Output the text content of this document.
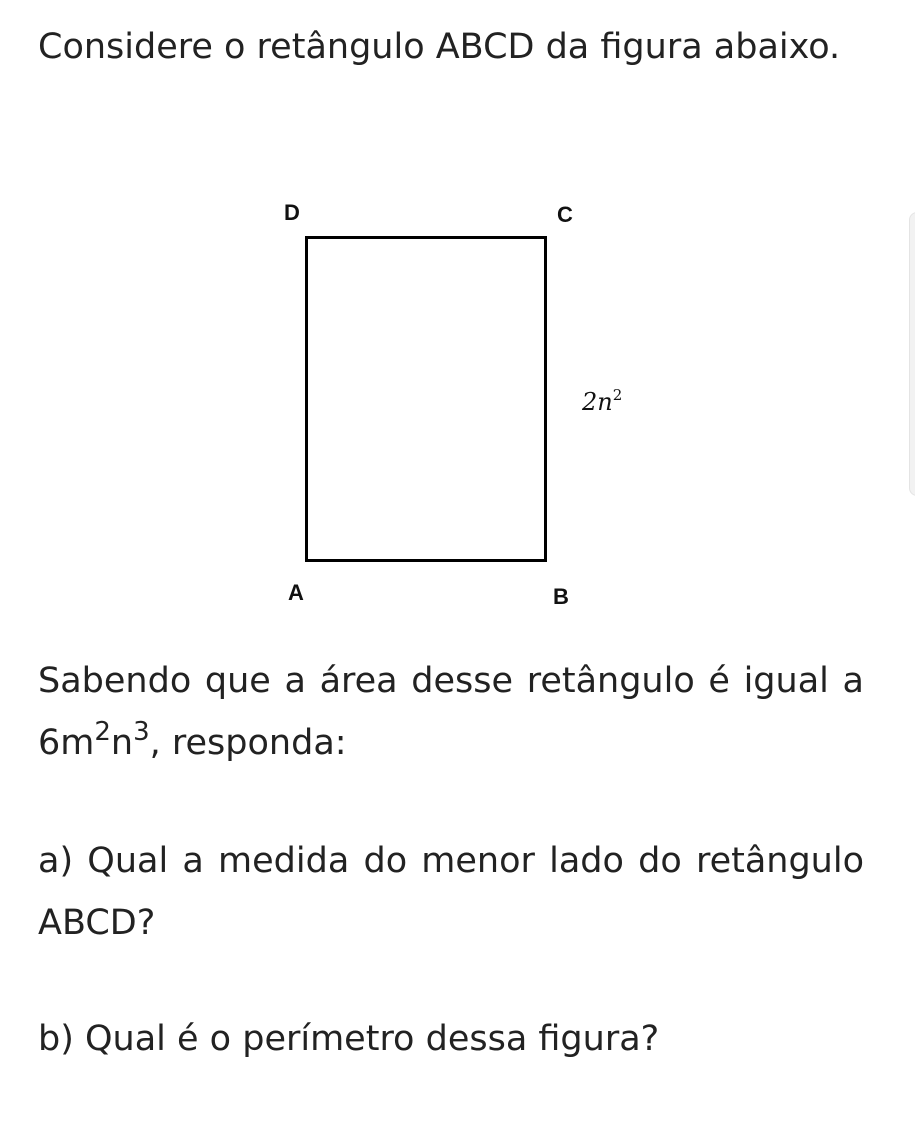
Considere o retângulo ABCD da figura abaixo.

D	C
$2n^2$
A	B

Sabendo que a área desse retângulo é igual a $6m^2n^3$, responda:

a) Qual a medida do menor lado do retângulo ABCD?

b) Qual é o perímetro dessa figura?
